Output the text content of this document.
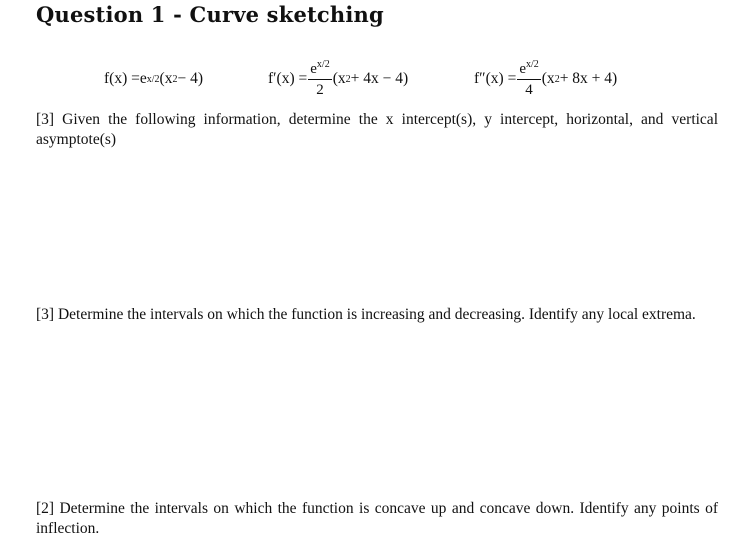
Question 1 - Curve sketching
f(x) = e x/2 (x 2 − 4)	$f'(x) = \frac{e^{x/2}}{2} (x$ 2 + 4x − 4)	$f''(x) = \frac{e^{x/2}}{4} (x$ 2 + 8x + 4)
[3] Given the following information, determine the x intercept(s), y intercept, horizontal, and vertical asymptote(s)
[3] Determine the intervals on which the function is increasing and decreasing. Identify any local extrema.
[2] Determine the intervals on which the function is concave up and concave down. Identify any points of inflection.
